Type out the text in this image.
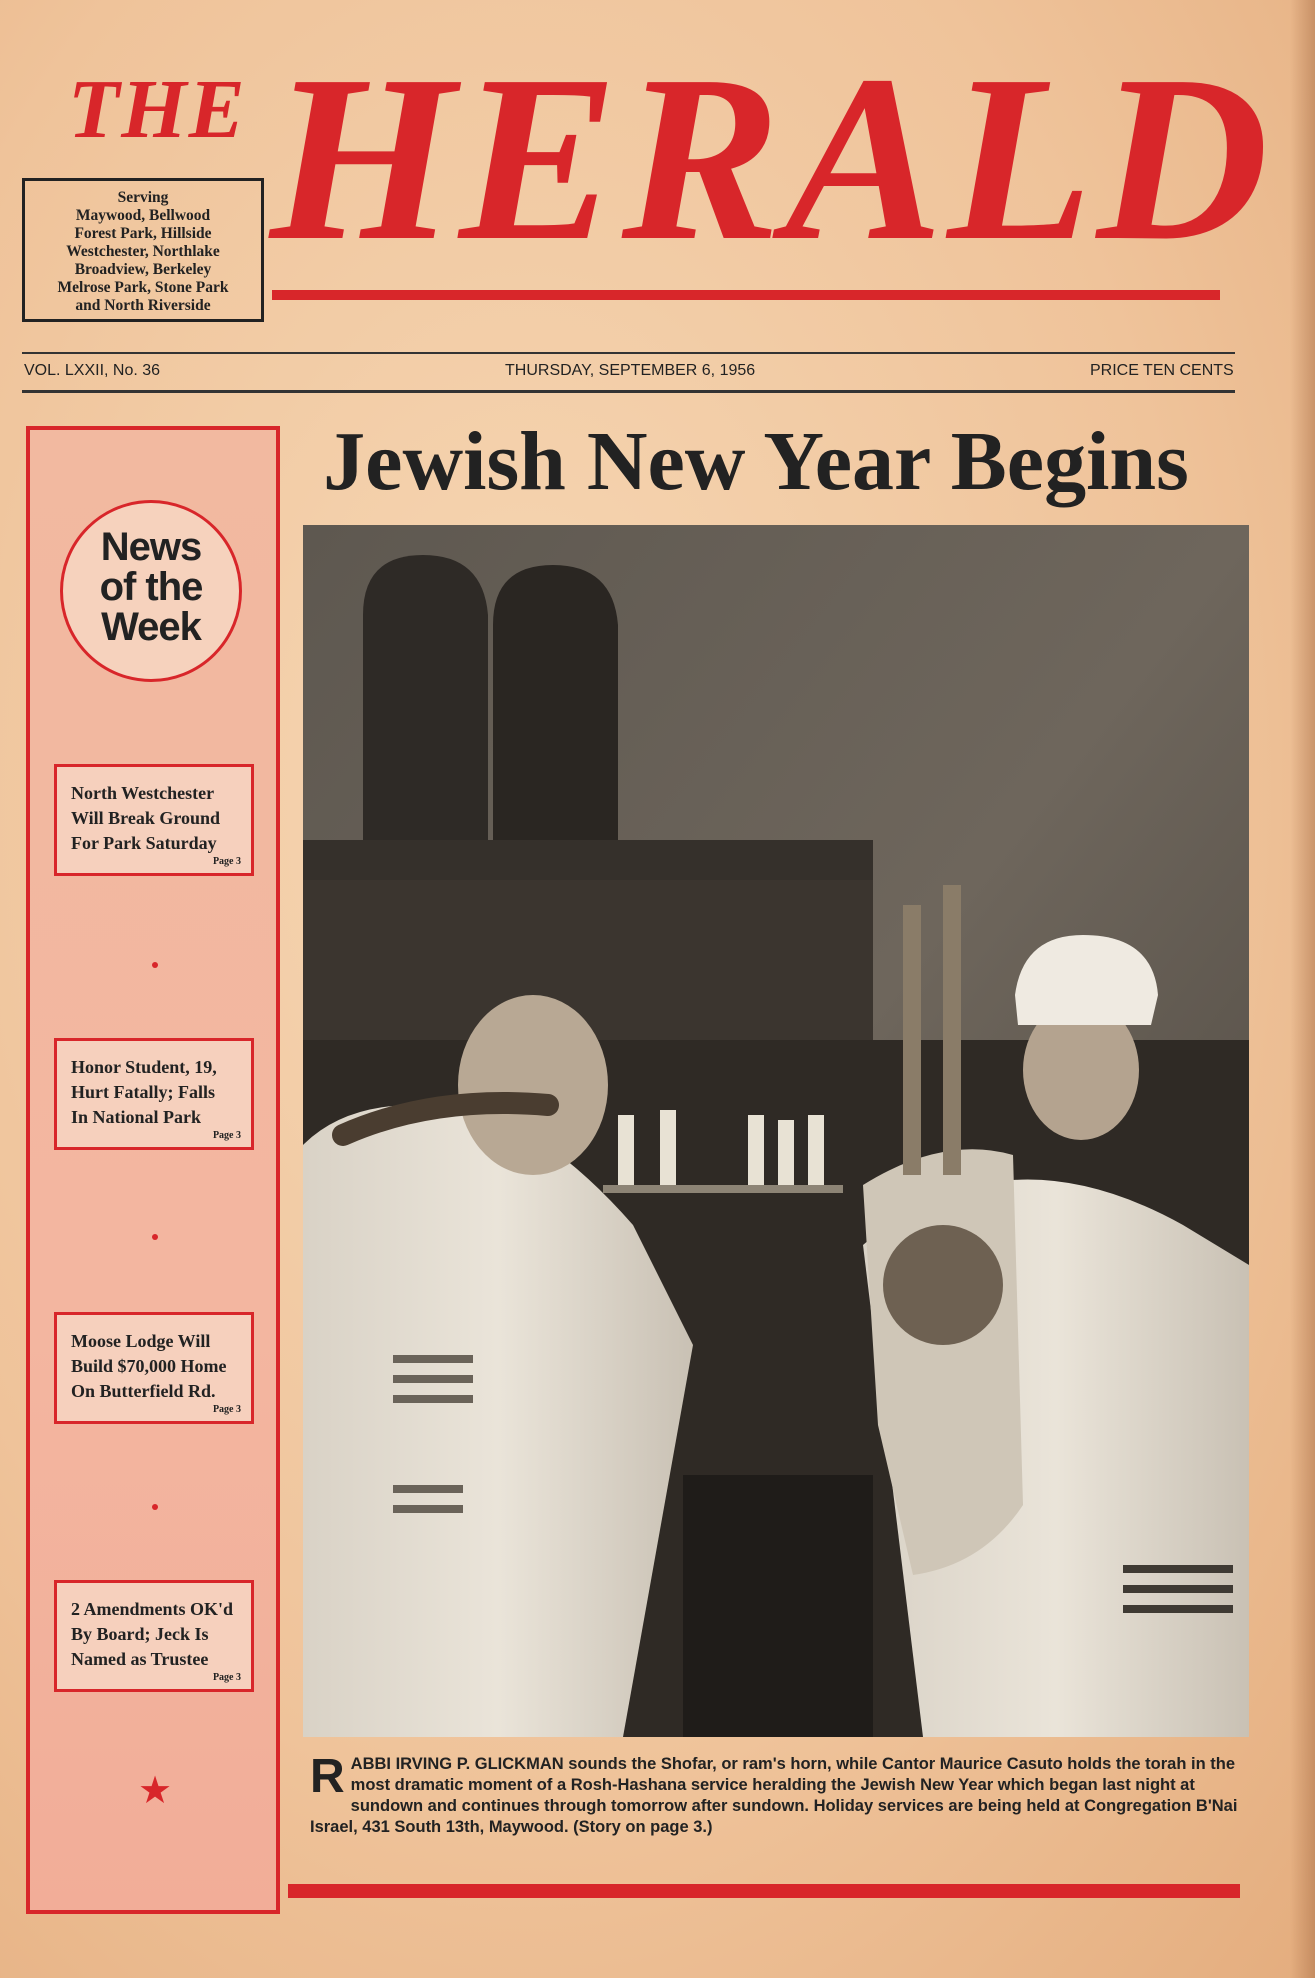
THE HERALD
Serving
Maywood, Bellwood
Forest Park, Hillside
Westchester, Northlake
Broadview, Berkeley
Melrose Park, Stone Park
and North Riverside
VOL. LXXII, No. 36	THURSDAY, SEPTEMBER 6, 1956	PRICE TEN CENTS
News
of the
Week
North Westchester
Will Break Ground
For Park Saturday
Page 3
Honor Student, 19,
Hurt Fatally; Falls
In National Park
Page 3
Moose Lodge Will
Build $70,000 Home
On Butterfield Rd.
Page 3
2 Amendments OK'd
By Board; Jeck Is
Named as Trustee
Page 3
★
Jewish New Year Begins
RABBI IRVING P. GLICKMAN sounds the Shofar, or ram's horn, while Cantor Maurice Casuto holds the torah in the most dramatic moment of a Rosh-Hashana service heralding the Jewish New Year which began last night at sundown and continues through tomorrow after sundown. Holiday services are being held at Congregation B'Nai Israel, 431 South 13th, Maywood. (Story on page 3.)
